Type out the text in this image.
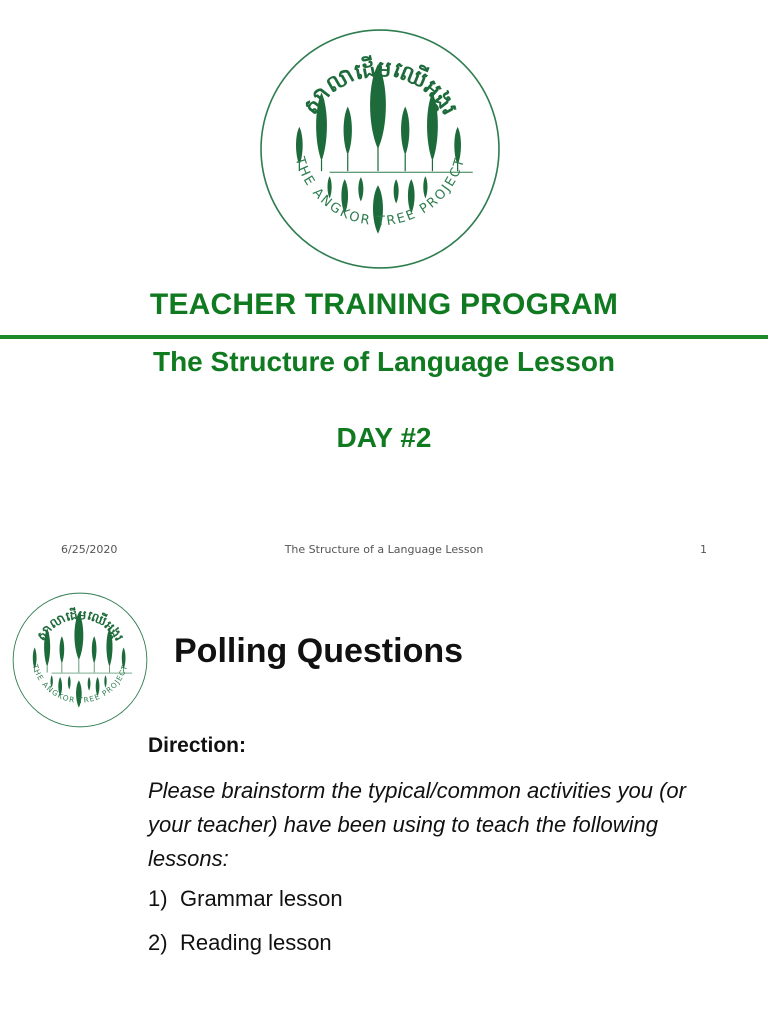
TEACHER TRAINING PROGRAM
The Structure of Language Lesson
DAY #2
6/25/2020	The Structure of a Language Lesson	1
Polling Questions
Direction:
Please brainstorm the typical/common activities you (or your teacher) have been using to teach the following lessons:
1) Grammar lesson
2) Reading lesson
